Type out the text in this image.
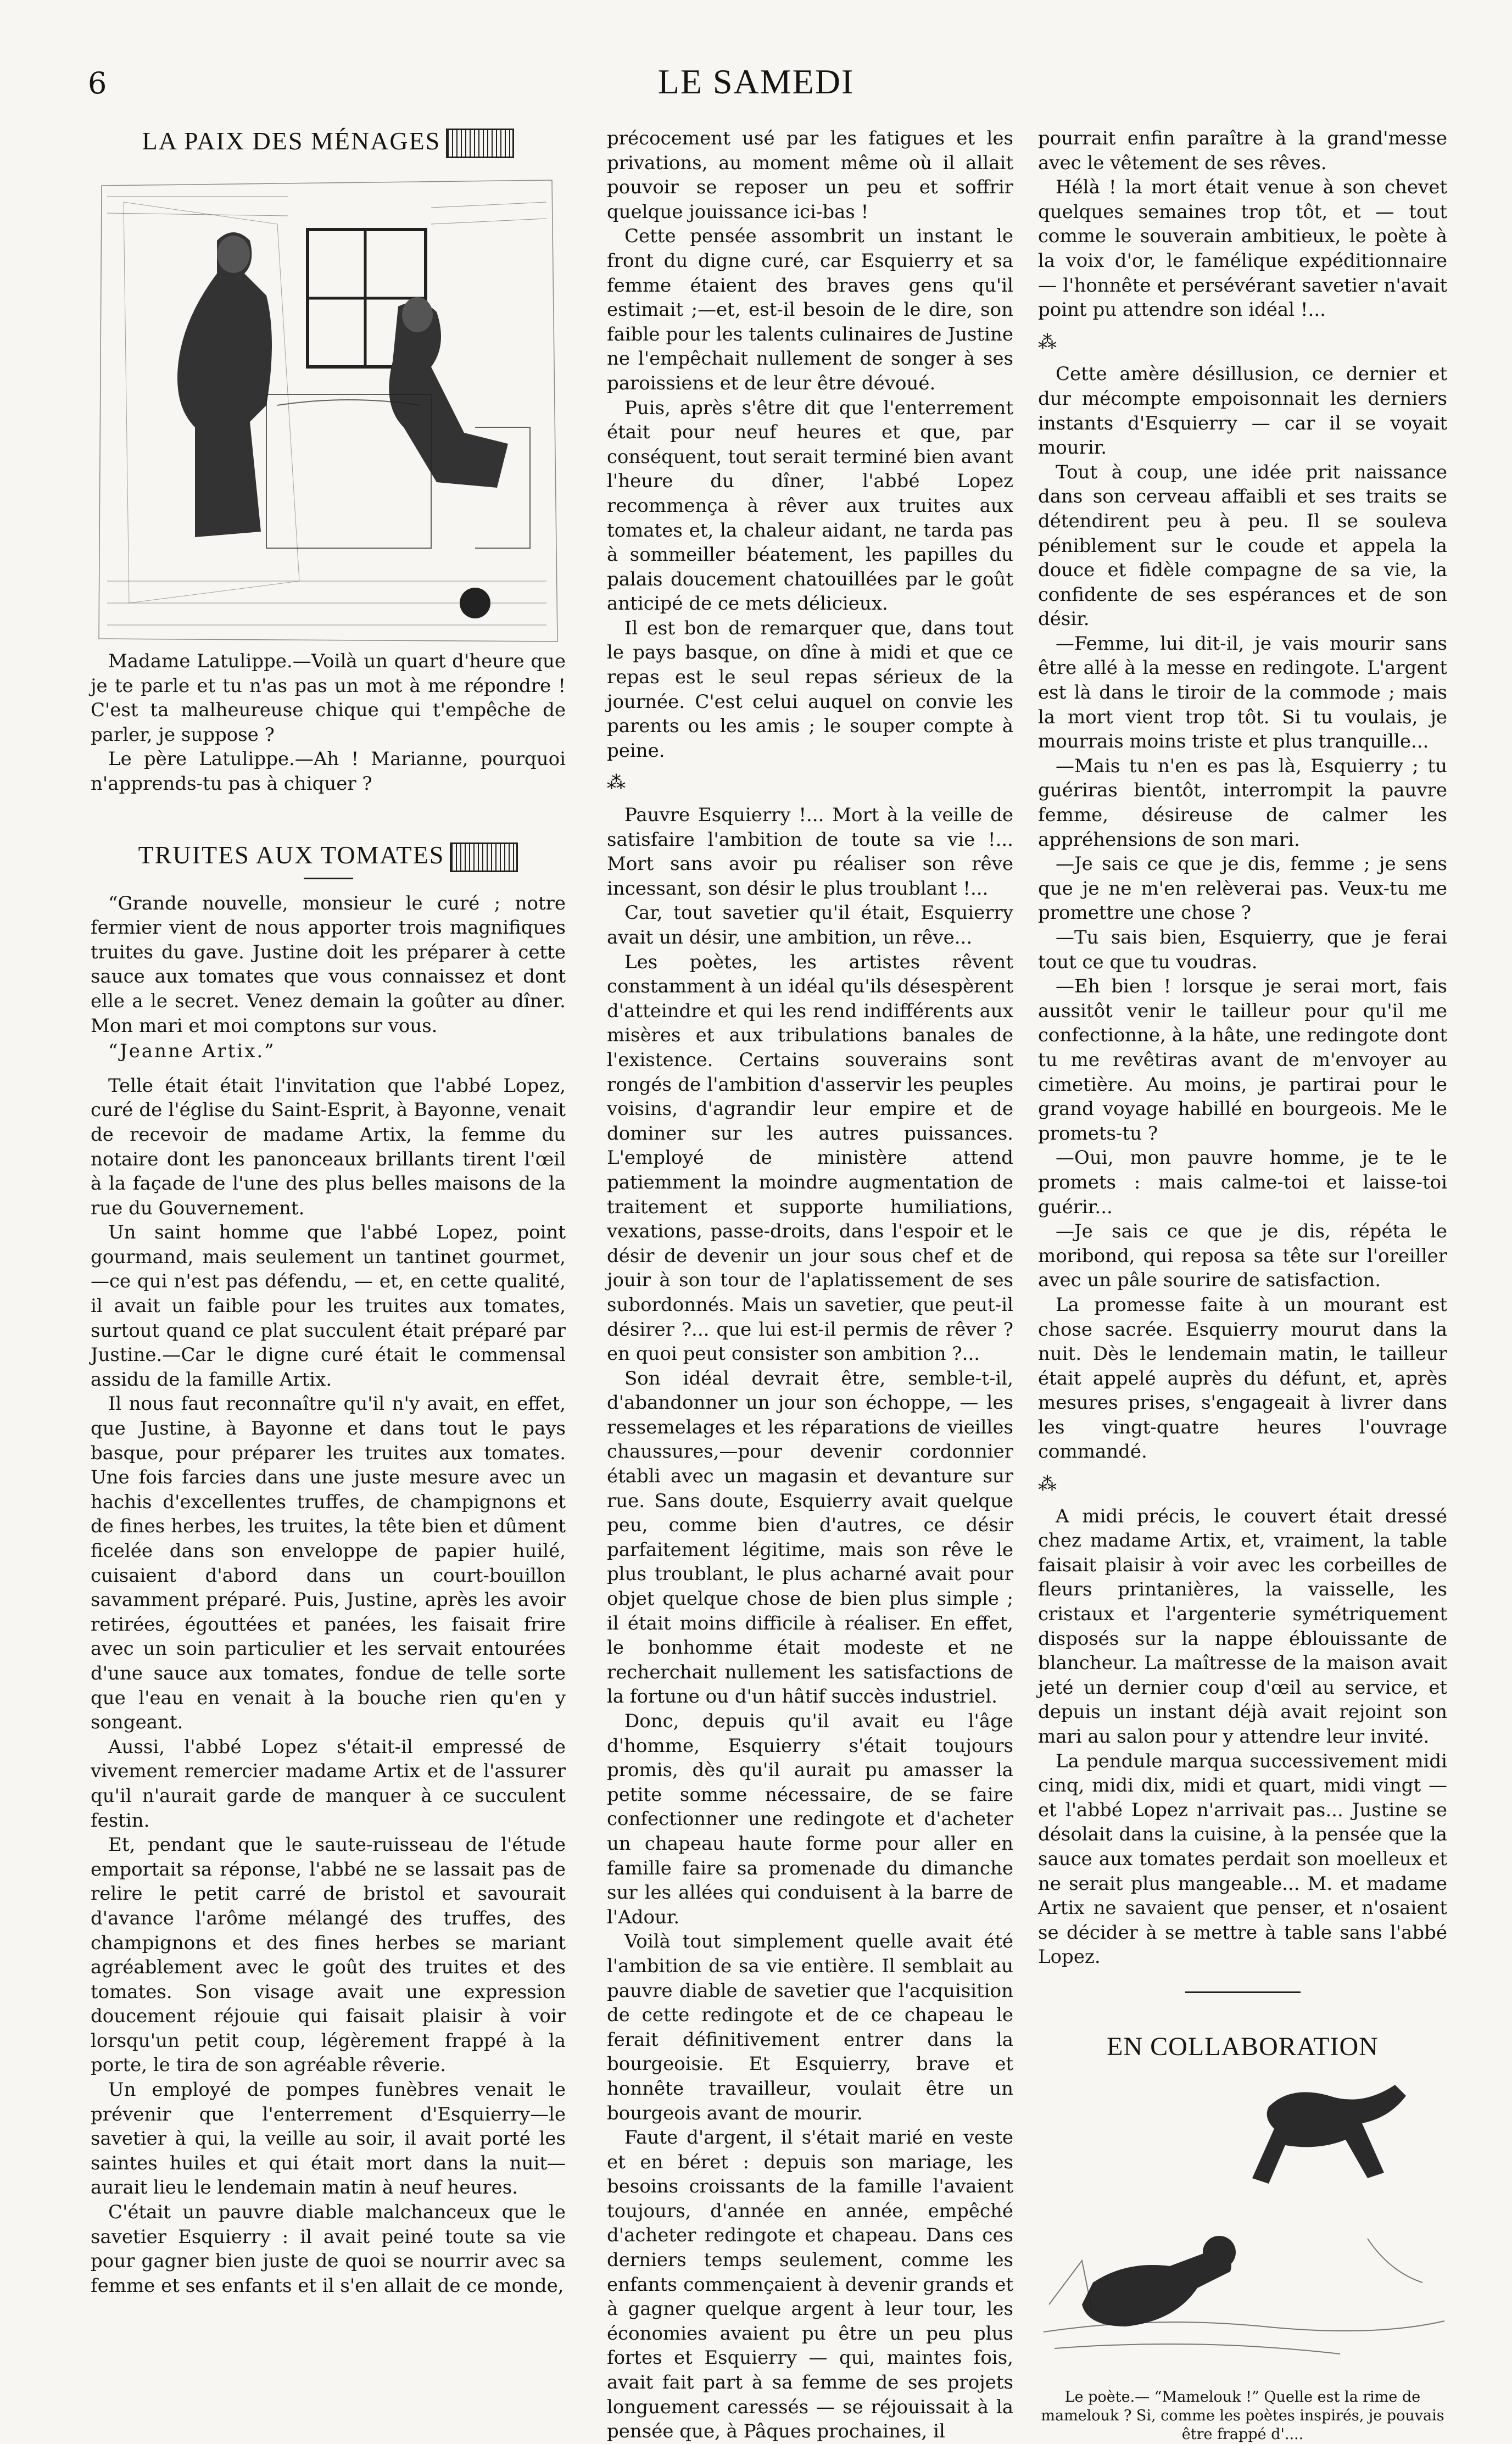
6	LE SAMEDI
LA PAIX DES MÉNAGES

Madame Latulippe.—Voilà un quart d'heure que je te parle et tu n'as pas un mot à me répondre ! C'est ta malheureuse chique qui t'empêche de parler, je suppose ?

Le père Latulippe.—Ah ! Marianne, pourquoi n'apprends-tu pas à chiquer ?

TRUITES AUX TOMATES

“Grande nouvelle, monsieur le curé ; notre fermier vient de nous apporter trois magnifiques truites du gave. Justine doit les préparer à cette sauce aux tomates que vous connaissez et dont elle a le secret. Venez demain la goûter au dîner. Mon mari et moi comptons sur vous.

“Jeanne Artix.”

Telle était était l'invitation que l'abbé Lopez, curé de l'église du Saint-Esprit, à Bayonne, venait de recevoir de madame Artix, la femme du notaire dont les panonceaux brillants tirent l'œil à la façade de l'une des plus belles maisons de la rue du Gouvernement.

Un saint homme que l'abbé Lopez, point gourmand, mais seulement un tantinet gourmet,—ce qui n'est pas défendu, — et, en cette qualité, il avait un faible pour les truites aux tomates, surtout quand ce plat succulent était préparé par Justine.—Car le digne curé était le commensal assidu de la famille Artix.

Il nous faut reconnaître qu'il n'y avait, en effet, que Justine, à Bayonne et dans tout le pays basque, pour préparer les truites aux tomates. Une fois farcies dans une juste mesure avec un hachis d'excellentes truffes, de champignons et de fines herbes, les truites, la tête bien et dûment ficelée dans son enveloppe de papier huilé, cuisaient d'abord dans un court-bouillon savamment préparé. Puis, Justine, après les avoir retirées, égouttées et panées, les faisait frire avec un soin particulier et les servait entourées d'une sauce aux tomates, fondue de telle sorte que l'eau en venait à la bouche rien qu'en y songeant.

Aussi, l'abbé Lopez s'était-il empressé de vivement remercier madame Artix et de l'assurer qu'il n'aurait garde de manquer à ce succulent festin.

Et, pendant que le saute-ruisseau de l'étude emportait sa réponse, l'abbé ne se lassait pas de relire le petit carré de bristol et savourait d'avance l'arôme mélangé des truffes, des champignons et des fines herbes se mariant agréablement avec le goût des truites et des tomates. Son visage avait une expression doucement réjouie qui faisait plaisir à voir lorsqu'un petit coup, légèrement frappé à la porte, le tira de son agréable rêverie.

Un employé de pompes funèbres venait le prévenir que l'enterrement d'Esquierry—le savetier à qui, la veille au soir, il avait porté les saintes huiles et qui était mort dans la nuit—aurait lieu le lendemain matin à neuf heures.

C'était un pauvre diable malchanceux que le savetier Esquierry : il avait peiné toute sa vie pour gagner bien juste de quoi se nourrir avec sa femme et ses enfants et il s'en allait de ce monde,

précocement usé par les fatigues et les privations, au moment même où il allait pouvoir se reposer un peu et soffrir quelque jouissance ici-bas !

Cette pensée assombrit un instant le front du digne curé, car Esquierry et sa femme étaient des braves gens qu'il estimait ;—et, est-il besoin de le dire, son faible pour les talents culinaires de Justine ne l'empêchait nullement de songer à ses paroissiens et de leur être dévoué.

Puis, après s'être dit que l'enterrement était pour neuf heures et que, par conséquent, tout serait terminé bien avant l'heure du dîner, l'abbé Lopez recommença à rêver aux truites aux tomates et, la chaleur aidant, ne tarda pas à sommeiller béatement, les papilles du palais doucement chatouillées par le goût anticipé de ce mets délicieux.

Il est bon de remarquer que, dans tout le pays basque, on dîne à midi et que ce repas est le seul repas sérieux de la journée. C'est celui auquel on convie les parents ou les amis ; le souper compte à peine.

⁂

Pauvre Esquierry !... Mort à la veille de satisfaire l'ambition de toute sa vie !... Mort sans avoir pu réaliser son rêve incessant, son désir le plus troublant !...

Car, tout savetier qu'il était, Esquierry avait un désir, une ambition, un rêve...

Les poètes, les artistes rêvent constamment à un idéal qu'ils désespèrent d'atteindre et qui les rend indifférents aux misères et aux tribulations banales de l'existence. Certains souverains sont rongés de l'ambition d'asservir les peuples voisins, d'agrandir leur empire et de dominer sur les autres puissances. L'employé de ministère attend patiemment la moindre augmentation de traitement et supporte humiliations, vexations, passe-droits, dans l'espoir et le désir de devenir un jour sous chef et de jouir à son tour de l'aplatissement de ses subordonnés. Mais un savetier, que peut-il désirer ?... que lui est-il permis de rêver ? en quoi peut consister son ambition ?...

Son idéal devrait être, semble-t-il, d'abandonner un jour son échoppe, — les ressemelages et les réparations de vieilles chaussures,—pour devenir cordonnier établi avec un magasin et devanture sur rue. Sans doute, Esquierry avait quelque peu, comme bien d'autres, ce désir parfaitement légitime, mais son rêve le plus troublant, le plus acharné avait pour objet quelque chose de bien plus simple ; il était moins difficile à réaliser. En effet, le bonhomme était modeste et ne recherchait nullement les satisfactions de la fortune ou d'un hâtif succès industriel.

Donc, depuis qu'il avait eu l'âge d'homme, Esquierry s'était toujours promis, dès qu'il aurait pu amasser la petite somme nécessaire, de se faire confectionner une redingote et d'acheter un chapeau haute forme pour aller en famille faire sa promenade du dimanche sur les allées qui conduisent à la barre de l'Adour.

Voilà tout simplement quelle avait été l'ambition de sa vie entière. Il semblait au pauvre diable de savetier que l'acquisition de cette redingote et de ce chapeau le ferait définitivement entrer dans la bourgeoisie. Et Esquierry, brave et honnête travailleur, voulait être un bourgeois avant de mourir.

Faute d'argent, il s'était marié en veste et en béret : depuis son mariage, les besoins croissants de la famille l'avaient toujours, d'année en année, empêché d'acheter redingote et chapeau. Dans ces derniers temps seulement, comme les enfants commençaient à devenir grands et à gagner quelque argent à leur tour, les économies avaient pu être un peu plus fortes et Esquierry — qui, maintes fois, avait fait part à sa femme de ses projets longuement caressés — se réjouissait à la pensée que, à Pâques prochaines, il

pourrait enfin paraître à la grand'messe avec le vêtement de ses rêves.

Hélà ! la mort était venue à son chevet quelques semaines trop tôt, et — tout comme le souverain ambitieux, le poète à la voix d'or, le famélique expéditionnaire — l'honnête et persévérant savetier n'avait point pu attendre son idéal !...

⁂

Cette amère désillusion, ce dernier et dur mécompte empoisonnait les derniers instants d'Esquierry — car il se voyait mourir.

Tout à coup, une idée prit naissance dans son cerveau affaibli et ses traits se détendirent peu à peu. Il se souleva péniblement sur le coude et appela la douce et fidèle compagne de sa vie, la confidente de ses espérances et de son désir.

—Femme, lui dit-il, je vais mourir sans être allé à la messe en redingote. L'argent est là dans le tiroir de la commode ; mais la mort vient trop tôt. Si tu voulais, je mourrais moins triste et plus tranquille...

—Mais tu n'en es pas là, Esquierry ; tu guériras bientôt, interrompit la pauvre femme, désireuse de calmer les appréhensions de son mari.

—Je sais ce que je dis, femme ; je sens que je ne m'en relèverai pas. Veux-tu me promettre une chose ?

—Tu sais bien, Esquierry, que je ferai tout ce que tu voudras.

—Eh bien ! lorsque je serai mort, fais aussitôt venir le tailleur pour qu'il me confectionne, à la hâte, une redingote dont tu me revêtiras avant de m'envoyer au cimetière. Au moins, je partirai pour le grand voyage habillé en bourgeois. Me le promets-tu ?

—Oui, mon pauvre homme, je te le promets : mais calme-toi et laisse-toi guérir...

—Je sais ce que je dis, répéta le moribond, qui reposa sa tête sur l'oreiller avec un pâle sourire de satisfaction.

La promesse faite à un mourant est chose sacrée. Esquierry mourut dans la nuit. Dès le lendemain matin, le tailleur était appelé auprès du défunt, et, après mesures prises, s'engageait à livrer dans les vingt-quatre heures l'ouvrage commandé.

⁂

A midi précis, le couvert était dressé chez madame Artix, et, vraiment, la table faisait plaisir à voir avec les corbeilles de fleurs printanières, la vaisselle, les cristaux et l'argenterie symétriquement disposés sur la nappe éblouissante de blancheur. La maîtresse de la maison avait jeté un dernier coup d'œil au service, et depuis un instant déjà avait rejoint son mari au salon pour y attendre leur invité.

La pendule marqua successivement midi cinq, midi dix, midi et quart, midi vingt — et l'abbé Lopez n'arrivait pas... Justine se désolait dans la cuisine, à la pensée que la sauce aux tomates perdait son moelleux et ne serait plus mangeable... M. et madame Artix ne savaient que penser, et n'osaient se décider à se mettre à table sans l'abbé Lopez.

EN COLLABORATION
Le poète.— “Mamelouk !” Quelle est la rime de mamelouk ? Si, comme les poètes inspirés, je pouvais être frappé d'....
